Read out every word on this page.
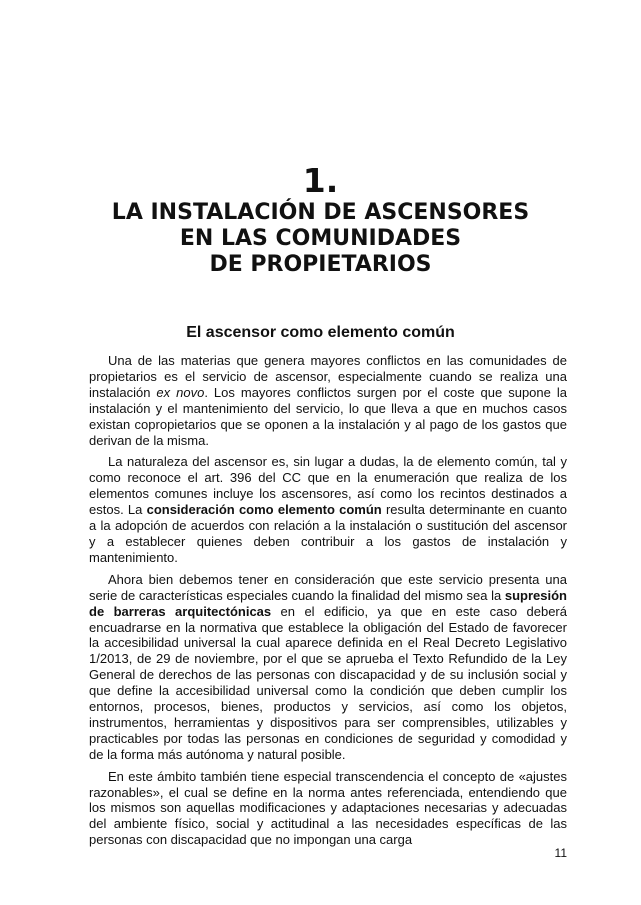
1.
LA INSTALACIÓN DE ASCENSORES
EN LAS COMUNIDADES
DE PROPIETARIOS
El ascensor como elemento común

Una de las materias que genera mayores conflictos en las comunidades de propietarios es el servicio de ascensor, especialmente cuando se realiza una instalación ex novo. Los mayores conflictos surgen por el coste que supone la instalación y el mantenimiento del servicio, lo que lleva a que en muchos casos existan copropietarios que se oponen a la instalación y al pago de los gastos que derivan de la misma.

La naturaleza del ascensor es, sin lugar a dudas, la de elemento común, tal y como reconoce el art. 396 del CC que en la enumeración que realiza de los elementos comunes incluye los ascensores, así como los recintos destinados a estos. La consideración como elemento común resulta determinante en cuanto a la adopción de acuerdos con relación a la instalación o sustitución del ascensor y a establecer quienes deben contribuir a los gastos de instalación y mantenimiento.

Ahora bien debemos tener en consideración que este servicio presenta una serie de características especiales cuando la finalidad del mismo sea la supresión de barreras arquitectónicas en el edificio, ya que en este caso deberá encuadrarse en la normativa que establece la obligación del Estado de favorecer la accesibilidad universal la cual aparece definida en el Real Decreto Legislativo 1/2013, de 29 de noviembre, por el que se aprueba el Texto Refundido de la Ley General de derechos de las personas con discapacidad y de su inclusión social y que define la accesibilidad universal como la condición que deben cumplir los entornos, procesos, bienes, productos y servicios, así como los objetos, instrumentos, herramientas y dispositivos para ser comprensibles, utilizables y practicables por todas las personas en condiciones de seguridad y comodidad y de la forma más autónoma y natural posible.

En este ámbito también tiene especial transcendencia el concepto de «ajustes razonables», el cual se define en la norma antes referenciada, entendiendo que los mismos son aquellas modificaciones y adaptaciones necesarias y adecuadas del ambiente físico, social y actitudinal a las necesidades específicas de las personas con discapacidad que no impongan una carga

11
